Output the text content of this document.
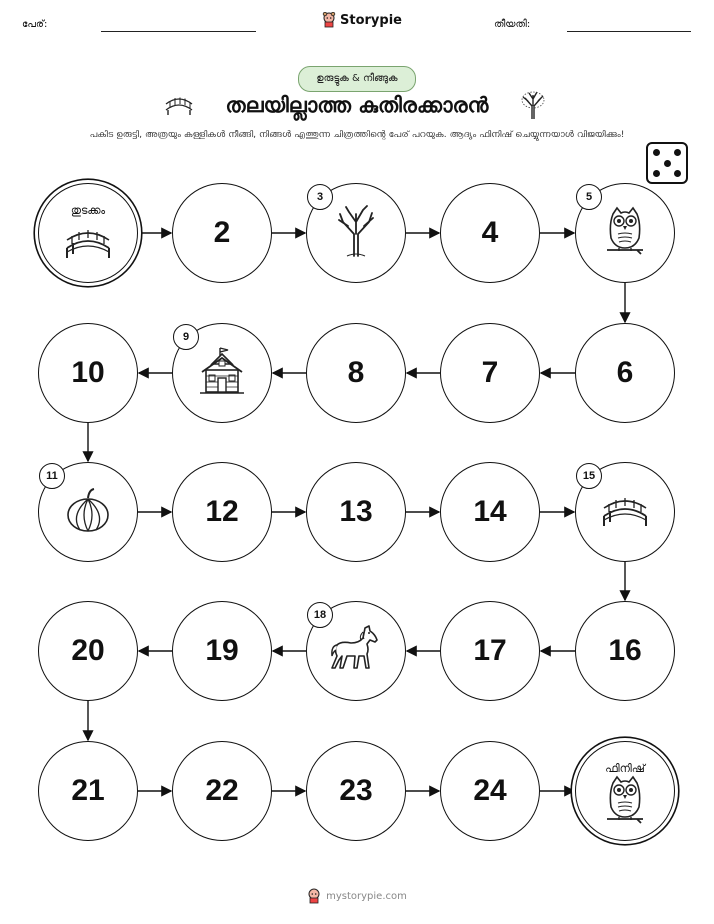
പേര്:	Storypie	തീയതി:
ഉരുട്ടുക & നീങ്ങുക
തലയില്ലാത്ത കുതിരക്കാരൻ
പകിട ഉരുട്ടി, അത്രയും കള്ളികൾ നീങ്ങി, നിങ്ങൾ എത്തുന്ന ചിത്രത്തിന്റെ പേര് പറയുക. ആദ്യം ഫിനിഷ് ചെയ്യുന്നയാൾ വിജയിക്കും!
തുടക്കം
2
3
4
5
6
7
8
9
10
11
12	13	14
15
16
17
18
19
20
21	22	23	24
ഫിനിഷ്
mystorypie.com
